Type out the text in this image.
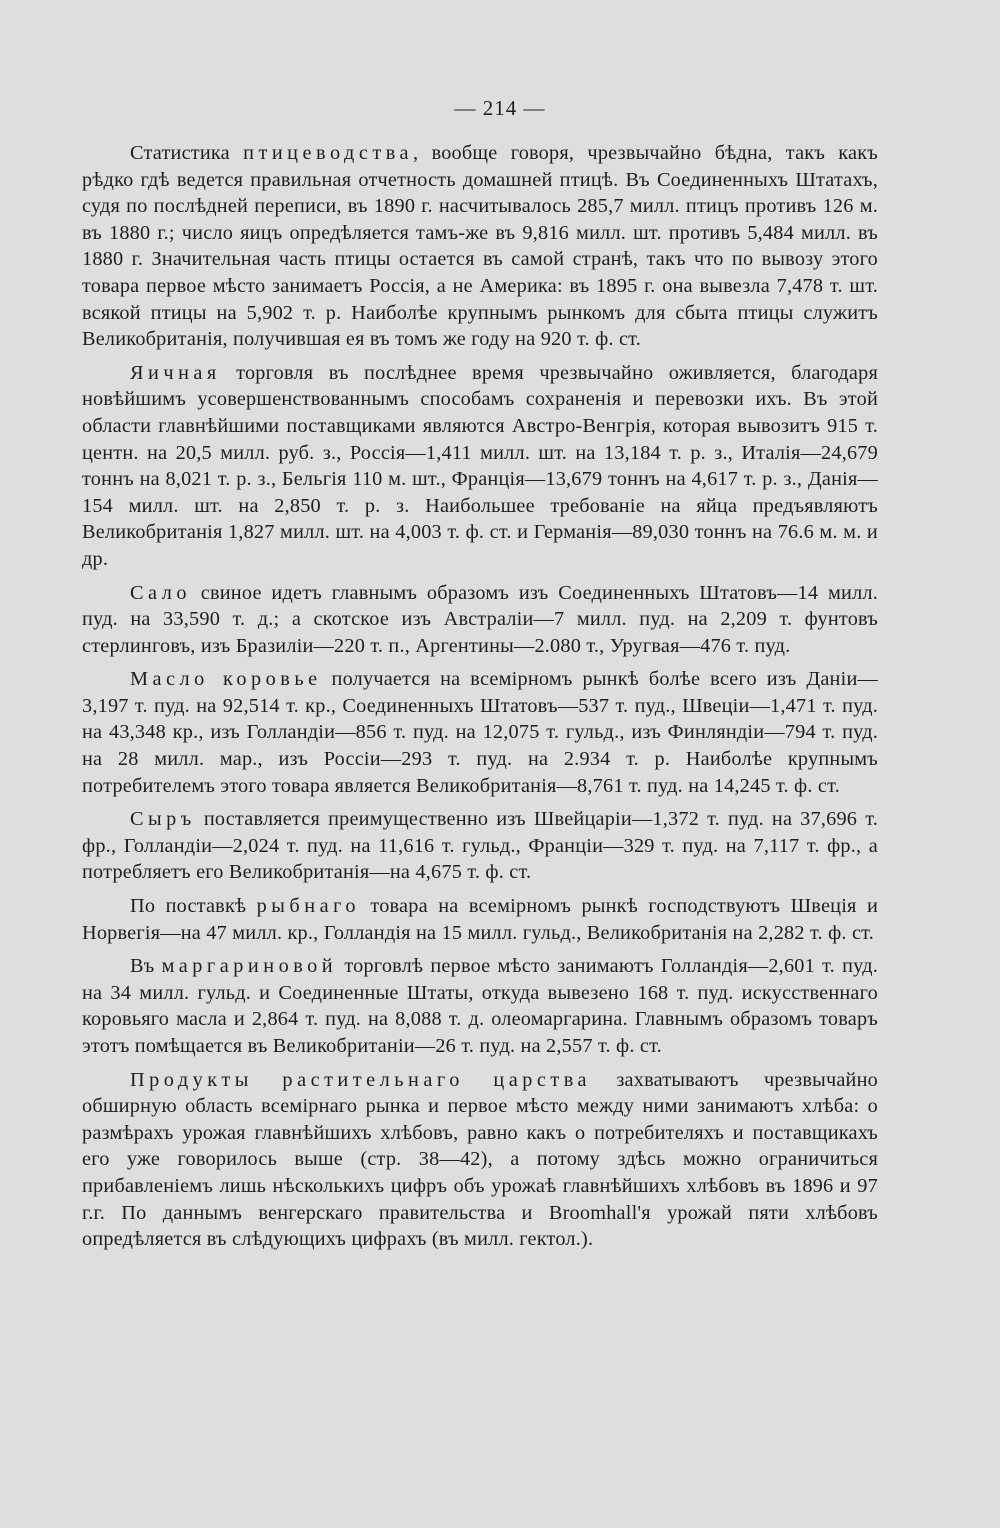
— 214 —

Статистика птицеводства, вообще говоря, чрезвычайно бѣдна, такъ какъ рѣдко гдѣ ведется правильная отчетность домашней птицѣ. Въ Соединенныхъ Штатахъ, судя по послѣдней переписи, въ 1890 г. насчитывалось 285,7 милл. птицъ противъ 126 м. въ 1880 г.; число яицъ опредѣляется тамъ-же въ 9,816 милл. шт. противъ 5,484 милл. въ 1880 г. Значительная часть птицы остается въ самой странѣ, такъ что по вывозу этого товара первое мѣсто занимаетъ Россія, а не Америка: въ 1895 г. она вывезла 7,478 т. шт. всякой птицы на 5,902 т. р. Наиболѣе крупнымъ рынкомъ для сбыта птицы служитъ Великобританія, получившая ея въ томъ же году на 920 т. ф. ст.

Яичная торговля въ послѣднее время чрезвычайно оживляется, благодаря новѣйшимъ усовершенствованнымъ способамъ сохраненія и перевозки ихъ. Въ этой области главнѣйшими поставщиками являются Австро-Венгрія, которая вывозитъ 915 т. центн. на 20,5 милл. руб. з., Россія—1,411 милл. шт. на 13,184 т. р. з., Италія—24,679 тоннъ на 8,021 т. р. з., Бельгія 110 м. шт., Франція—13,679 тоннъ на 4,617 т. р. з., Данія—154 милл. шт. на 2,850 т. р. з. Наибольшее требованіе на яйца предъявляютъ Великобританія 1,827 милл. шт. на 4,003 т. ф. ст. и Германія—89,030 тоннъ на 76.6 м. м. и др.

Сало свиное идетъ главнымъ образомъ изъ Соединенныхъ Штатовъ—14 милл. пуд. на 33,590 т. д.; а скотское изъ Австраліи—7 милл. пуд. на 2,209 т. фунтовъ стерлинговъ, изъ Бразиліи—220 т. п., Аргентины—2.080 т., Уругвая—476 т. пуд.

Масло коровье получается на всемірномъ рынкѣ болѣе всего изъ Даніи—3,197 т. пуд. на 92,514 т. кр., Соединенныхъ Штатовъ—537 т. пуд., Швеціи—1,471 т. пуд. на 43,348 кр., изъ Голландіи—856 т. пуд. на 12,075 т. гульд., изъ Финляндіи—794 т. пуд. на 28 милл. мар., изъ Россіи—293 т. пуд. на 2.934 т. р. Наиболѣе крупнымъ потребителемъ этого товара является Великобританія—8,761 т. пуд. на 14,245 т. ф. ст.

Сыръ поставляется преимущественно изъ Швейцаріи—1,372 т. пуд. на 37,696 т. фр., Голландіи—2,024 т. пуд. на 11,616 т. гульд., Франціи—329 т. пуд. на 7,117 т. фр., а потребляетъ его Великобританія—на 4,675 т. ф. ст.

По поставкѣ рыбнаго товара на всемірномъ рынкѣ господствуютъ Швеція и Норвегія—на 47 милл. кр., Голландія на 15 милл. гульд., Великобританія на 2,282 т. ф. ст.

Въ маргариновой торговлѣ первое мѣсто занимаютъ Голландія—2,601 т. пуд. на 34 милл. гульд. и Соединенные Штаты, откуда вывезено 168 т. пуд. искусственнаго коровьяго масла и 2,864 т. пуд. на 8,088 т. д. олеомаргарина. Главнымъ образомъ товаръ этотъ помѣщается въ Великобританіи—26 т. пуд. на 2,557 т. ф. ст.

Продукты растительнаго царства захватываютъ чрезвычайно обширную область всемірнаго рынка и первое мѣсто между ними занимаютъ хлѣба: о размѣрахъ урожая главнѣйшихъ хлѣбовъ, равно какъ о потребителяхъ и поставщикахъ его уже говорилось выше (стр. 38—42), а потому здѣсь можно ограничиться прибавленіемъ лишь нѣсколькихъ цифръ объ урожаѣ главнѣйшихъ хлѣбовъ въ 1896 и 97 г.г. По даннымъ венгерскаго правительства и Broomhall'я урожай пяти хлѣбовъ опредѣляется въ слѣдующихъ цифрахъ (въ милл. гектол.).
